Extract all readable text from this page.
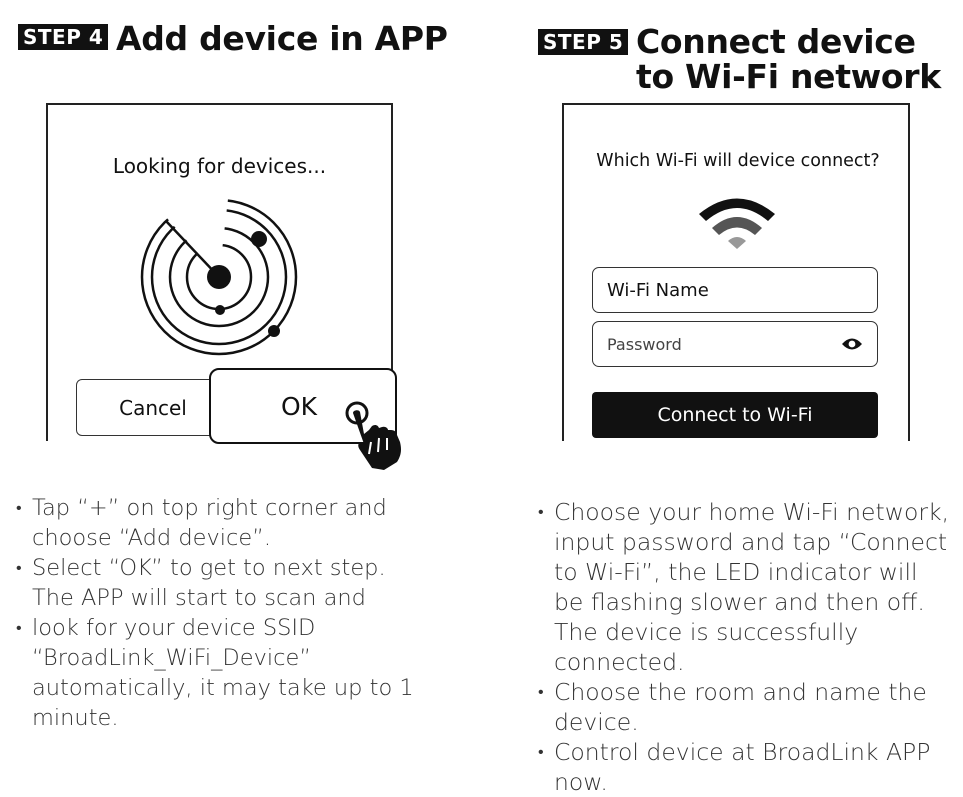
STEP 4 Add device in APP
Looking for devices...
Cancel	OK
• Tap “+” on top right corner and choose “Add device”.
• Select “OK” to get to next step. The APP will start to scan and
• look for your device SSID “BroadLink_WiFi_Device” automatically, it may take up to 1 minute.
STEP 5 Connect device
to Wi-Fi network
Which Wi-Fi will device connect?
Wi-Fi Name
Password
Connect to Wi-Fi
• Choose your home Wi-Fi network, input password and tap “Connect to Wi-Fi”, the LED indicator will be flashing slower and then off. The device is successfully connected.
• Choose the room and name the device.
• Control device at BroadLink APP now.
